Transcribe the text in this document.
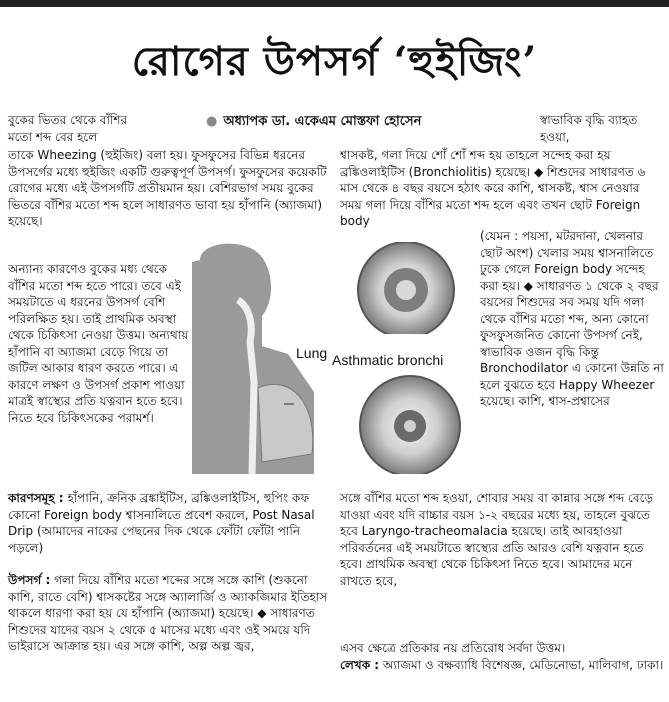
রোগের উপসর্গ ‘হুইজিং’
● অধ্যাপক ডা. একেএম মোস্তফা হোসেন

বুকের ভিতর থেকে বাঁশির মতো শব্দ বের হলে

তাকে Wheezing (হুইজিং) বলা হয়। ফুসফুসের বিভিন্ন ধরনের উপসর্গের মধ্যে হুইজিং একটি গুরুত্বপূর্ণ উপসর্গ। ফুসফুসের কয়েকটি রোগের মধ্যে এই উপসর্গটি প্রতীয়মান হয়। বেশিরভাগ সময় বুকের ভিতরে বাঁশির মতো শব্দ হলে সাধারণত ভাবা হয় হাঁপানি (অ্যাজমা) হয়েছে।

অন্যান্য কারণেও বুকের মধ্য থেকে বাঁশির মতো শব্দ হতে পারে। তবে এই সময়টাতে এ ধরনের উপসর্গ বেশি পরিলক্ষিত হয়। তাই প্রাথমিক অবস্থা থেকে চিকিৎসা নেওয়া উত্তম। অন্যথায় হাঁপানি বা অ্যাজমা বেড়ে গিয়ে তা জটিল আকার ধারণ করতে পারে। এ কারণে লক্ষণ ও উপসর্গ প্রকাশ পাওয়া মাত্রই স্বাস্থ্যের প্রতি যত্নবান হতে হবে। নিতে হবে চিকিৎসকের পরামর্শ।

কারণসমূহ : হাঁপানি, ক্রনিক ব্রঙ্কাইটিস, ব্রঙ্কিওলাইটিস, হুপিং কফ কোনো Foreign body শ্বাসনালিতে প্রবেশ করলে, Post Nasal Drip (আমাদের নাকের পেছনের দিক থেকে ফোঁটা ফোঁটা পানি পড়লে)

উপসর্গ : গলা দিয়ে বাঁশির মতো শব্দের সঙ্গে সঙ্গে কাশি (শুকনো কাশি, রাতে বেশি) শ্বাসকষ্টের সঙ্গে অ্যালার্জি ও অ্যাকজিমার ইতিহাস থাকলে ধারণা করা হয় যে হাঁপানি (অ্যাজমা) হয়েছে। ◆ সাধারণত শিশুদের যাদের বয়স ২ থেকে ৫ মাসের মধ্যে এবং ওই সময়ে যদি ভাইরাসে আক্রান্ত হয়। এর সঙ্গে কাশি, অল্প অল্প জ্বর,

স্বাভাবিক বৃদ্ধি ব্যাহত হওয়া,

শ্বাসকষ্ট, গলা দিয়ে শোঁ শোঁ শব্দ হয় তাহলে সন্দেহ করা হয় ব্রঙ্কিওলাইটিস (Bronchiolitis) হয়েছে। ◆ শিশুদের সাধারণত ৬ মাস থেকে ৪ বছর বয়সে হঠাৎ করে কাশি, শ্বাসকষ্ট, শ্বাস নেওয়ার সময় গলা দিয়ে বাঁশির মতো শব্দ হলে এবং তখন ছোট Foreign body

(যেমন : পয়সা, মটরদানা, খেলনার ছোট অংশ) খেলার সময় শ্বাসনালিতে ঢুকে গেলে Foreign body সন্দেহ করা হয়। ◆ সাধারণত ১ থেকে ২ বছর বয়সের শিশুদের সব সময় যদি গলা থেকে বাঁশির মতো শব্দ, অন্য কোনো ফুসফুসজনিত কোনো উপসর্গ নেই, স্বাভাবিক ওজন বৃদ্ধি কিন্তু Bronchodilator এ কোনো উন্নতি না হলে বুঝতে হবে Happy Wheezer হয়েছে। কাশি, শ্বাস-প্রশ্বাসের

সঙ্গে বাঁশির মতো শব্দ হওয়া, শোবার সময় বা কান্নার সঙ্গে শব্দ বেড়ে যাওয়া এবং যদি বাচ্চার বয়স ১-২ বছরের মধ্যে হয়, তাহলে বুঝতে হবে Laryngo-tracheomalacia হয়েছে। তাই আবহাওয়া পরিবর্তনের এই সময়টাতে স্বাস্থ্যের প্রতি আরও বেশি যত্নবান হতে হবে। প্রাথমিক অবস্থা থেকে চিকিৎসা নিতে হবে। আমাদের মনে রাখতে হবে,

এসব ক্ষেত্রে প্রতিকার নয় প্রতিরোধ সর্বদা উত্তম।

লেখক : অ্যাজমা ও বক্ষব্যাধি বিশেষজ্ঞ, মেডিনোভা, মালিবাগ, ঢাকা।

Lung Asthmatic bronchi
